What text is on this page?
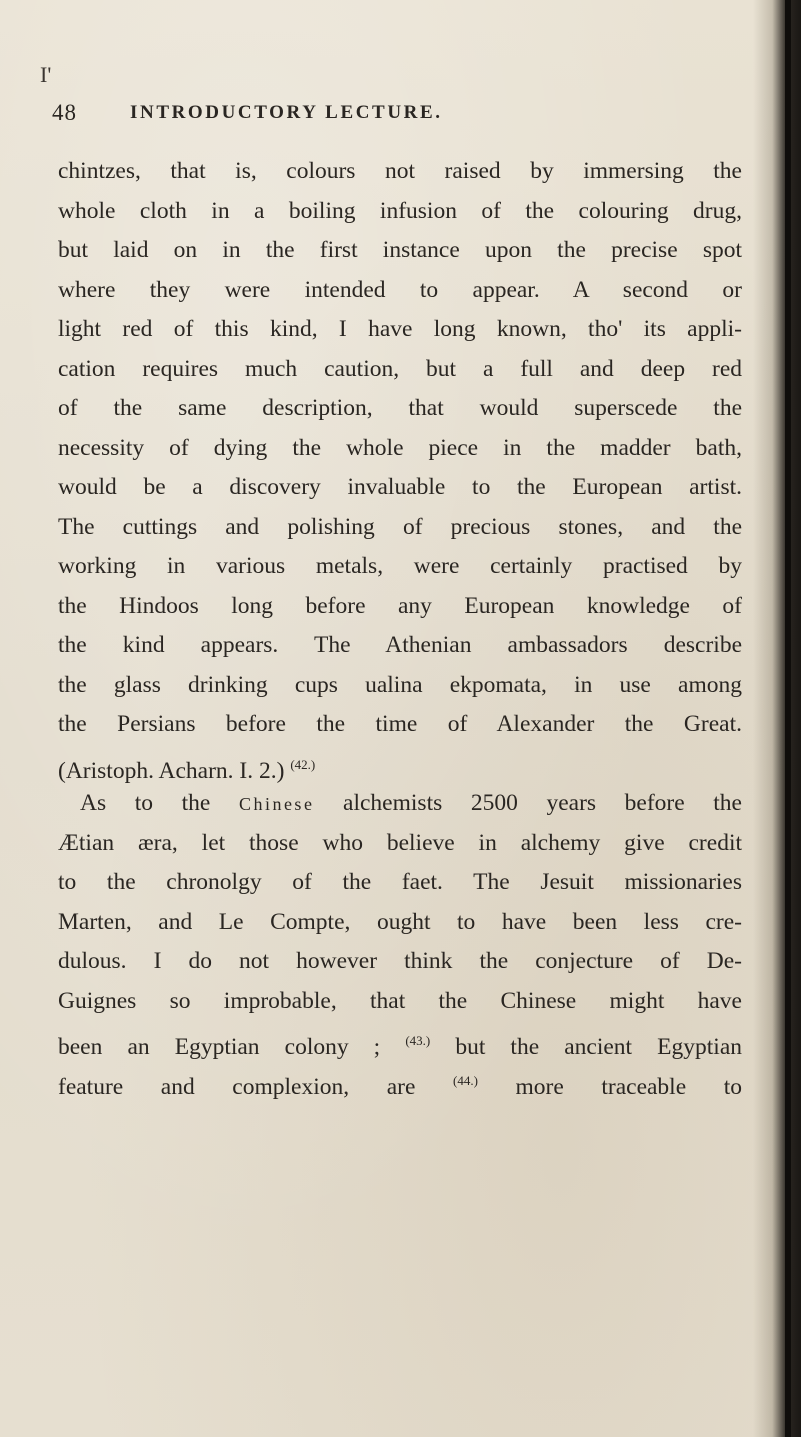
I'
48	INTRODUCTORY LECTURE.
chintzes, that is, colours not raised by immersing the
whole cloth in a boiling infusion of the colouring drug,
but laid on in the first instance upon the precise spot
where they were intended to appear. A second or
light red of this kind, I have long known, tho' its appli-
cation requires much caution, but a full and deep red
of the same description, that would superscede the
necessity of dying the whole piece in the madder bath,
would be a discovery invaluable to the European artist.
The cuttings and polishing of precious stones, and the
working in various metals, were certainly practised by
the Hindoos long before any European knowledge of
the kind appears. The Athenian ambassadors describe
the glass drinking cups ualina ekpomata, in use among
the Persians before the time of Alexander the Great.
(Aristoph. Acharn. I. 2.) $^{(42.)}$
As to the Chinese alchemists 2500 years before the
Ætian æra, let those who believe in alchemy give credit
to the chronolgy of the faet. The Jesuit missionaries
Marten, and Le Compte, ought to have been less cre-
dulous. I do not however think the conjecture of De-
Guignes so improbable, that the Chinese might have
been an Egyptian colony ; $^{(43.)}$ but the ancient Egyptian
feature and complexion, are $^{(44.)}$ more traceable to
